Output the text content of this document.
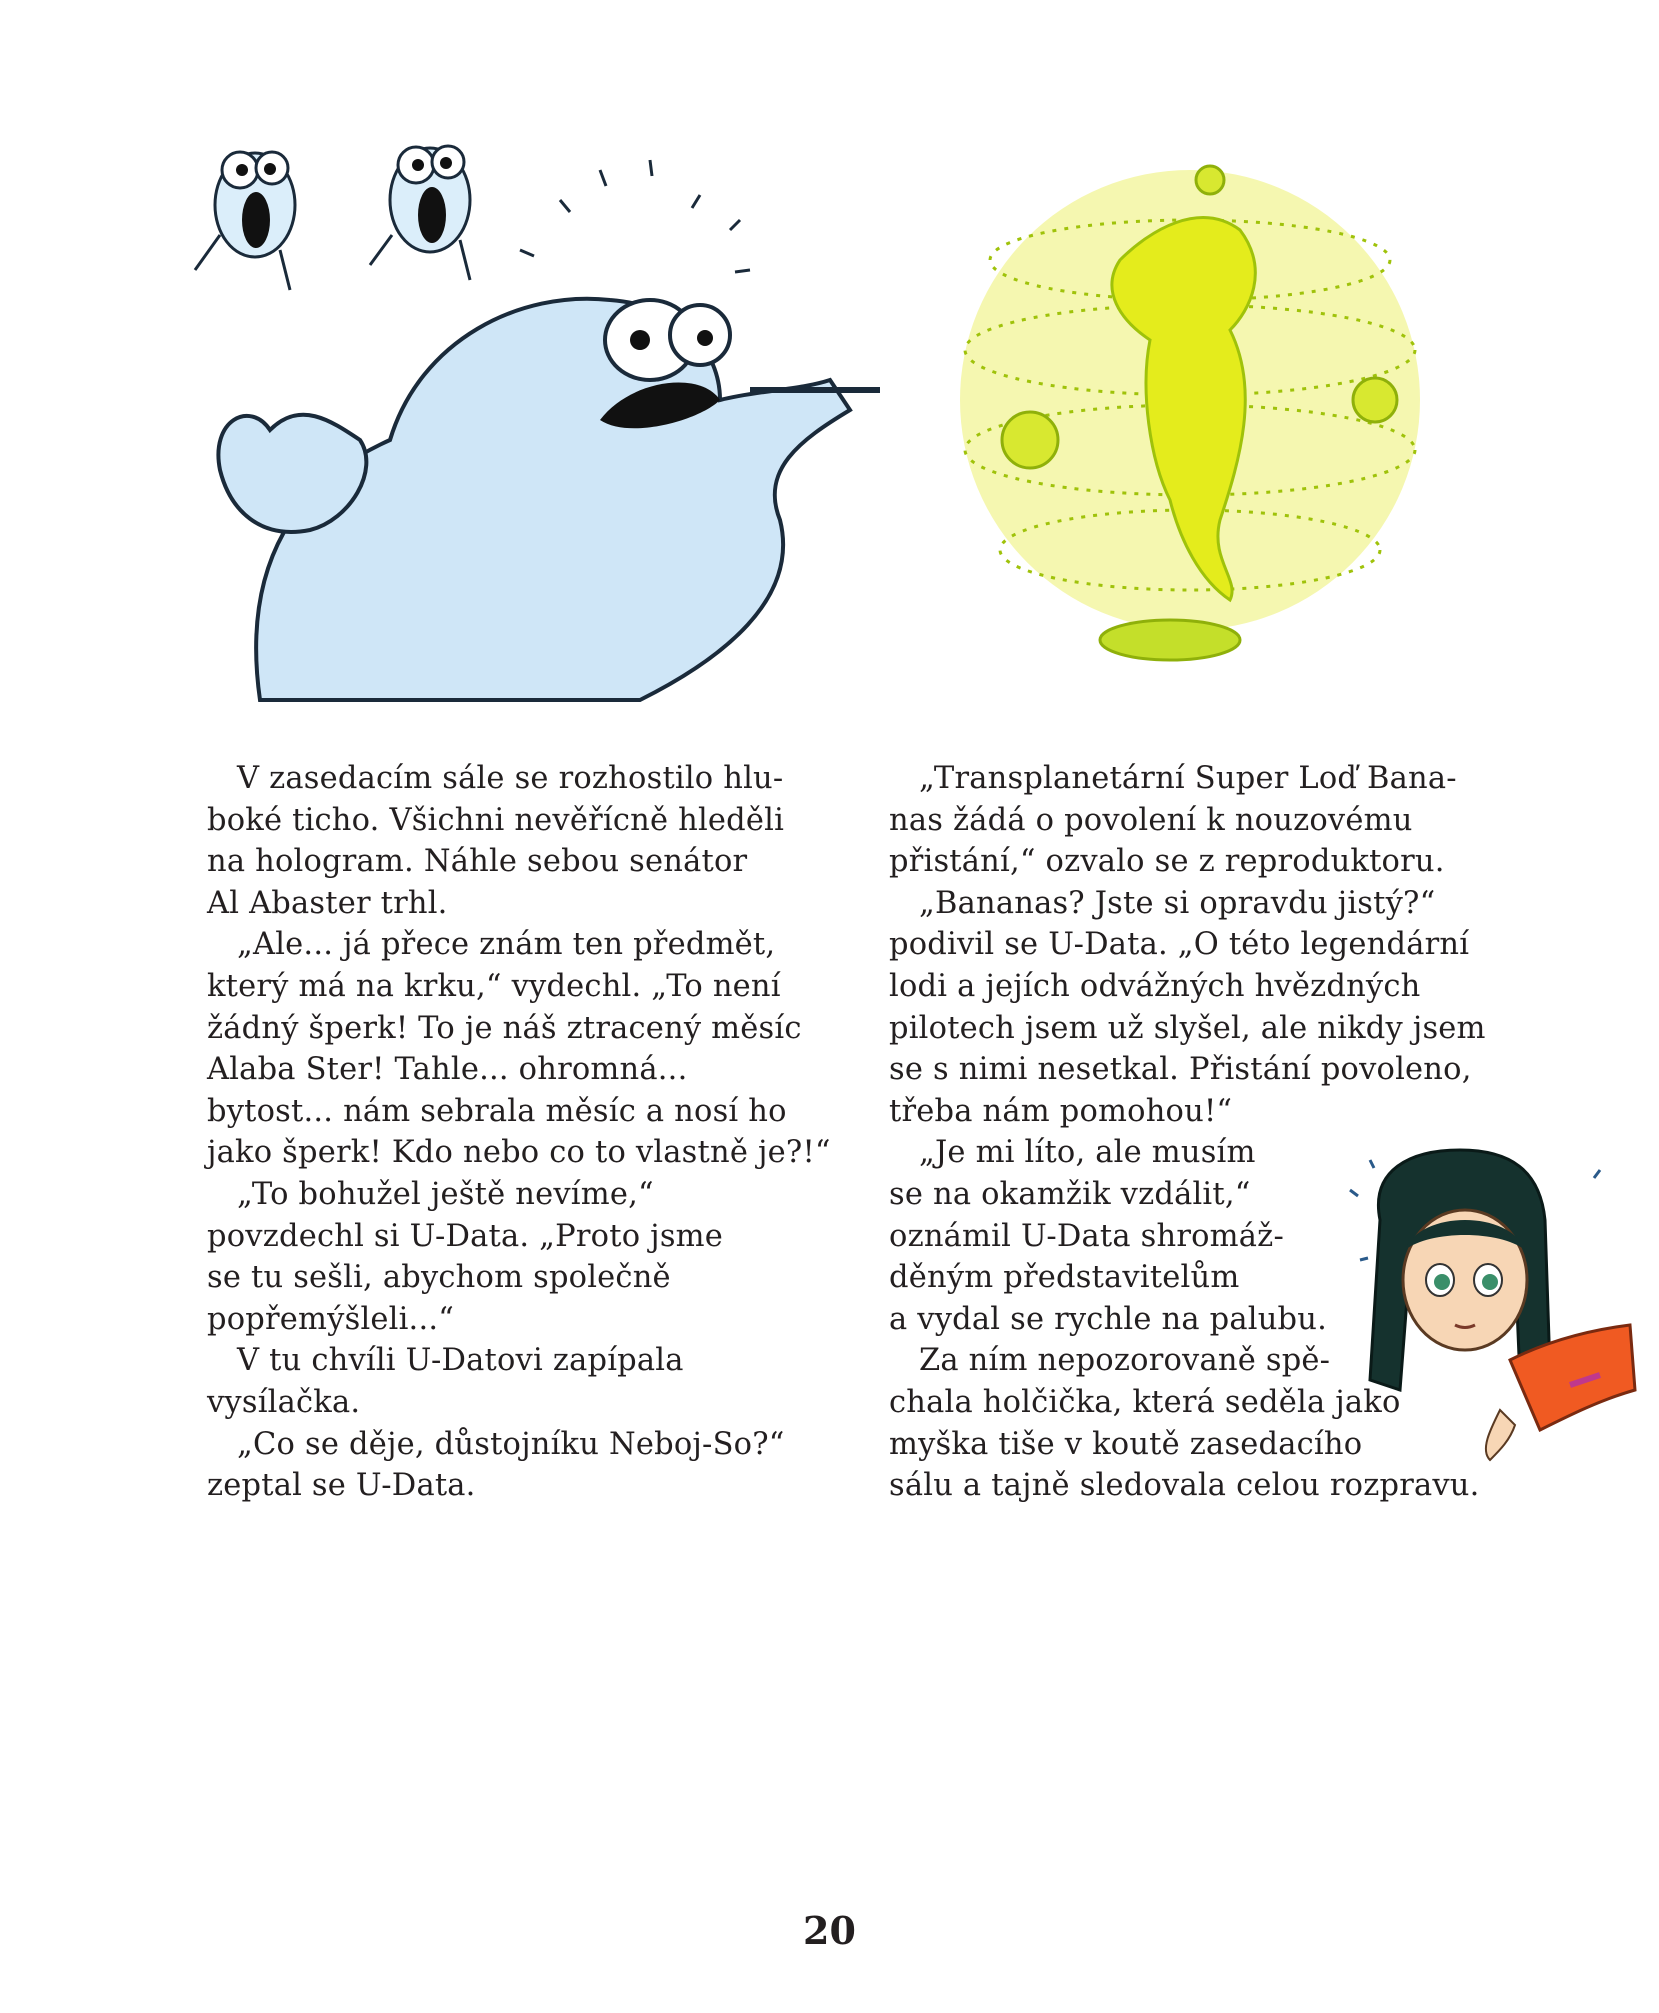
V zasedacím sále se rozhostilo hlu-

boké ticho. Všichni nevěřícně hleděli

na hologram. Náhle sebou senátor

Al Abaster trhl.

„Ale... já přece znám ten předmět,

který má na krku,“ vydechl. „To není

žádný šperk! To je náš ztracený měsíc

Alaba Ster! Tahle... ohromná...

bytost... nám sebrala měsíc a nosí ho

jako šperk! Kdo nebo co to vlastně je?!“

„To bohužel ještě nevíme,“

povzdechl si U-Data. „Proto jsme

se tu sešli, abychom společně

popřemýšleli...“

V tu chvíli U-Datovi zapípala

vysílačka.

„Co se děje, důstojníku Neboj-So?“

zeptal se U-Data.

„Transplanetární Super Loď Bana-

nas žádá o povolení k nouzovému

přistání,“ ozvalo se z reproduktoru.

„Bananas? Jste si opravdu jistý?“

podivil se U-Data. „O této legendární

lodi a jejích odvážných hvězdných

pilotech jsem už slyšel, ale nikdy jsem

se s nimi nesetkal. Přistání povoleno,

třeba nám pomohou!“

„Je mi líto, ale musím

se na okamžik vzdálit,“

oznámil U-Data shromáž-

děným představitelům

a vydal se rychle na palubu.

Za ním nepozorovaně spě-

chala holčička, která seděla jako

myška tiše v koutě zasedacího

sálu a tajně sledovala celou rozpravu.

20
